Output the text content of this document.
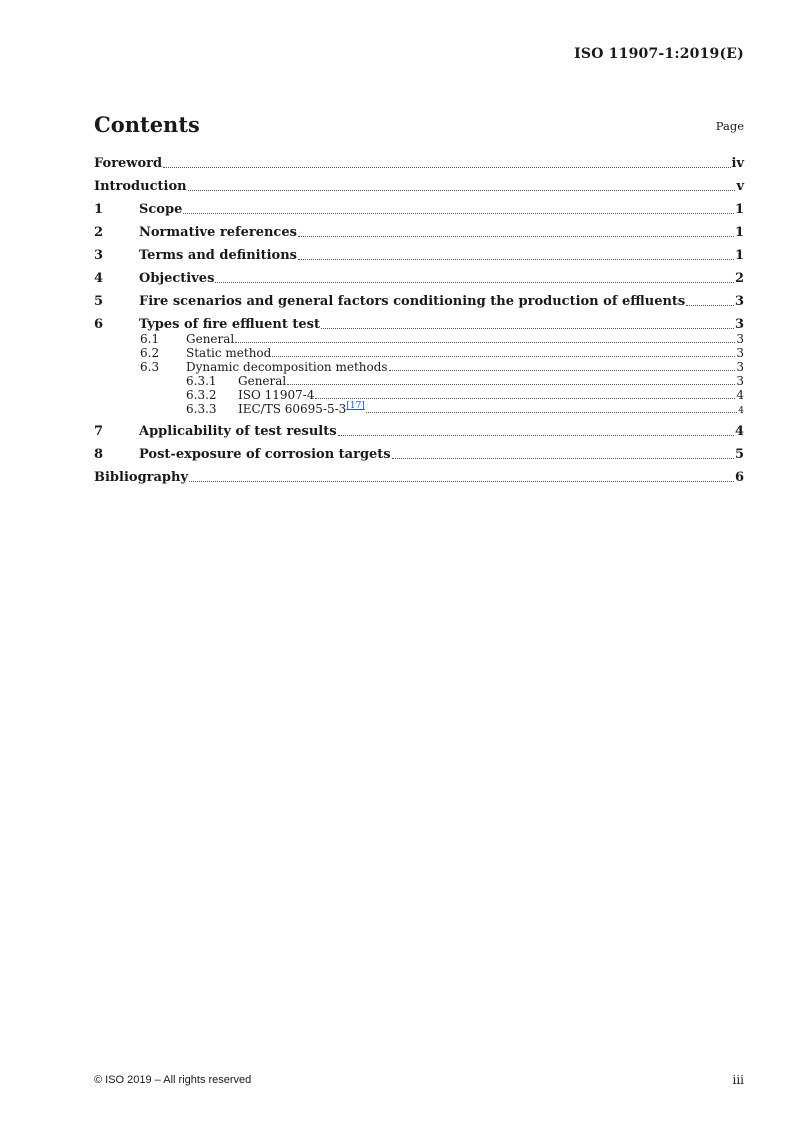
ISO 11907-1:2019(E)
Contents	Page
Foreword	iv
Introduction	v
1	Scope	1
2	Normative references	1
3	Terms and definitions	1
4	Objectives	2
5	Fire scenarios and general factors conditioning the production of effluents	3
6	Types of fire effluent test	3
6.1	General	3
6.2	Static method	3
6.3	Dynamic decomposition methods	3
6.3.1	General	3
6.3.2	ISO 11907-4	4
6.3.3	IEC/TS 60695-5-3[17]	4
7	Applicability of test results	4
8	Post-exposure of corrosion targets	5
Bibliography	6
© ISO 2019 – All rights reserved	iii
